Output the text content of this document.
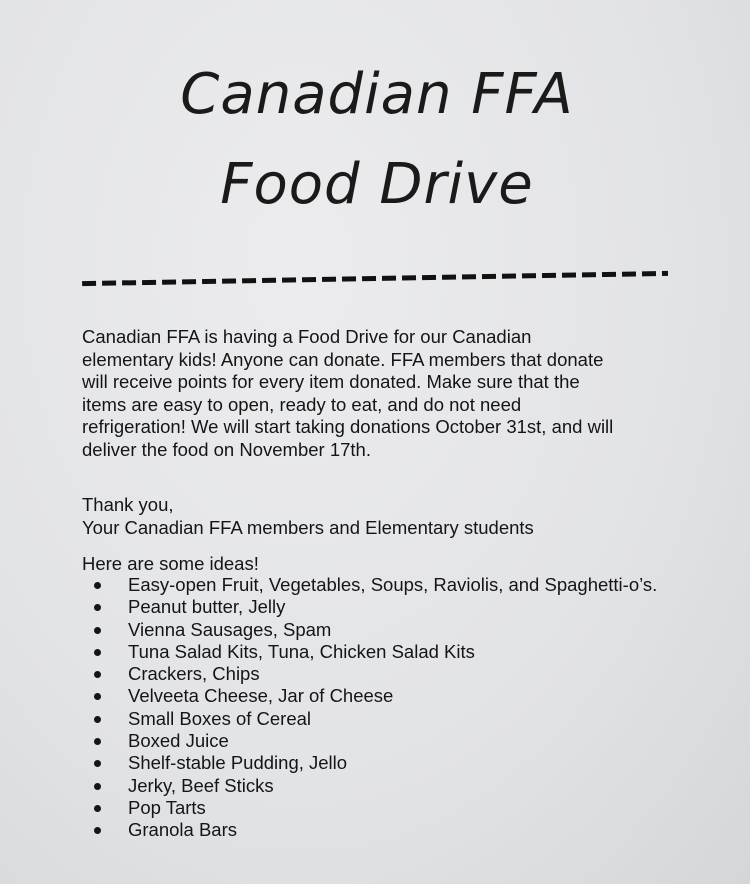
Canadian FFA
Food Drive

Canadian FFA is having a Food Drive for our Canadian
elementary kids! Anyone can donate. FFA members that donate
will receive points for every item donated. Make sure that the
items are easy to open, ready to eat, and do not need
refrigeration! We will start taking donations October 31st, and will
deliver the food on November 17th.

Thank you,
Your Canadian FFA members and Elementary students

Here are some ideas!

Easy-open Fruit, Vegetables, Soups, Raviolis, and Spaghetti-o’s.
Peanut butter, Jelly
Vienna Sausages, Spam
Tuna Salad Kits, Tuna, Chicken Salad Kits
Crackers, Chips
Velveeta Cheese, Jar of Cheese
Small Boxes of Cereal
Boxed Juice
Shelf-stable Pudding, Jello
Jerky, Beef Sticks
Pop Tarts
Granola Bars
